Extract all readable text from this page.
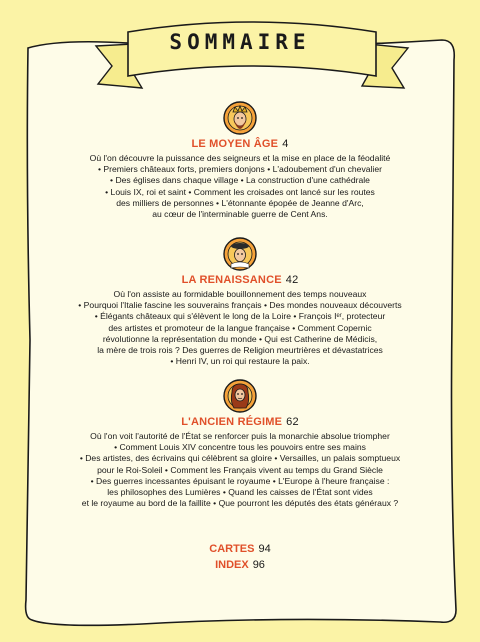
SOMMAIRE
LE MOYEN ÂGE 4
Où l'on découvre la puissance des seigneurs et la mise en place de la féodalité
• Premiers châteaux forts, premiers donjons • L'adoubement d'un chevalier
• Des églises dans chaque village • La construction d'une cathédrale
• Louis IX, roi et saint • Comment les croisades ont lancé sur les routes
des milliers de personnes • L'étonnante épopée de Jeanne d'Arc,
au cœur de l'interminable guerre de Cent Ans.
LA RENAISSANCE 42
Où l'on assiste au formidable bouillonnement des temps nouveaux
• Pourquoi l'Italie fascine les souverains français • Des mondes nouveaux découverts
• Élégants châteaux qui s'élèvent le long de la Loire • François Iᵉʳ, protecteur
des artistes et promoteur de la langue française • Comment Copernic
révolutionne la représentation du monde • Qui est Catherine de Médicis,
la mère de trois rois ? Des guerres de Religion meurtrières et dévastatrices
• Henri IV, un roi qui restaure la paix.
L'ANCIEN RÉGIME 62
Où l'on voit l'autorité de l'État se renforcer puis la monarchie absolue triompher
• Comment Louis XIV concentre tous les pouvoirs entre ses mains
• Des artistes, des écrivains qui célèbrent sa gloire • Versailles, un palais somptueux
pour le Roi-Soleil • Comment les Français vivent au temps du Grand Siècle
• Des guerres incessantes épuisant le royaume • L'Europe à l'heure française :
les philosophes des Lumières • Quand les caisses de l'État sont vides
et le royaume au bord de la faillite • Que pourront les députés des états généraux ?
CARTES 94
INDEX 96
